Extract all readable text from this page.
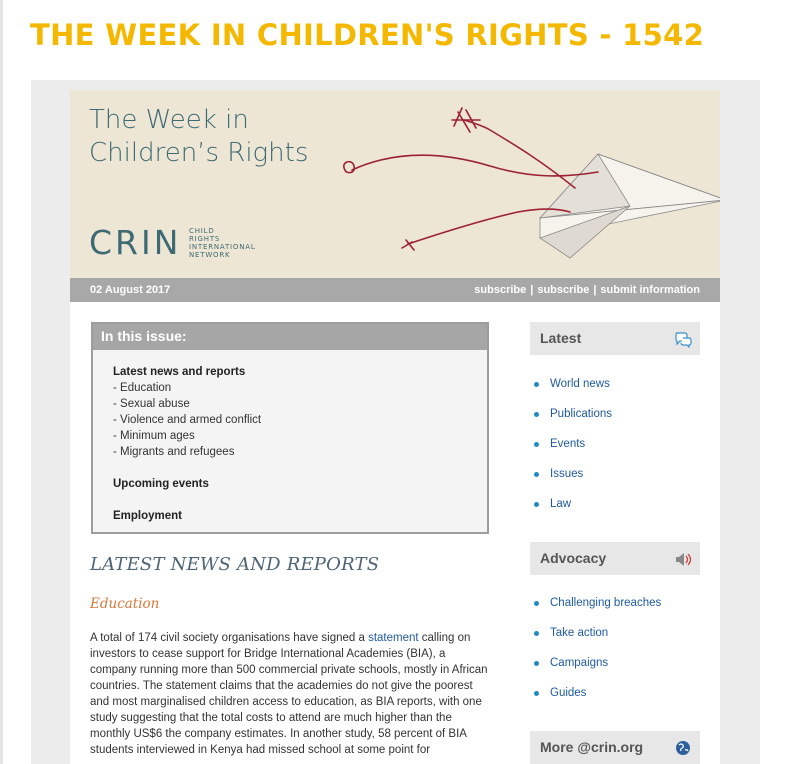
THE WEEK IN CHILDREN'S RIGHTS - 1542
The Week in
Children’s Rights
CRIN CHILD
RIGHTS
INTERNATIONAL
NETWORK
02 August 2017	subscribe | subscribe | submit information
In this issue:
Latest news and reports
- Education
- Sexual abuse
- Violence and armed conflict
- Minimum ages
- Migrants and refugees
Upcoming events
Employment
LATEST NEWS AND REPORTS
Education

A total of 174 civil society organisations have signed a statement calling on investors to cease support for Bridge International Academies (BIA), a company running more than 500 commercial private schools, mostly in African countries. The statement claims that the academies do not give the poorest and most marginalised children access to education, as BIA reports, with one study suggesting that the total costs to attend are much higher than the monthly US$6 the company estimates. In another study, 58 percent of BIA students interviewed in Kenya had missed school at some point for

Latest
World news
Publications
Events
Issues
Law
Advocacy
Challenging breaches
Take action
Campaigns
Guides
More @crin.org
